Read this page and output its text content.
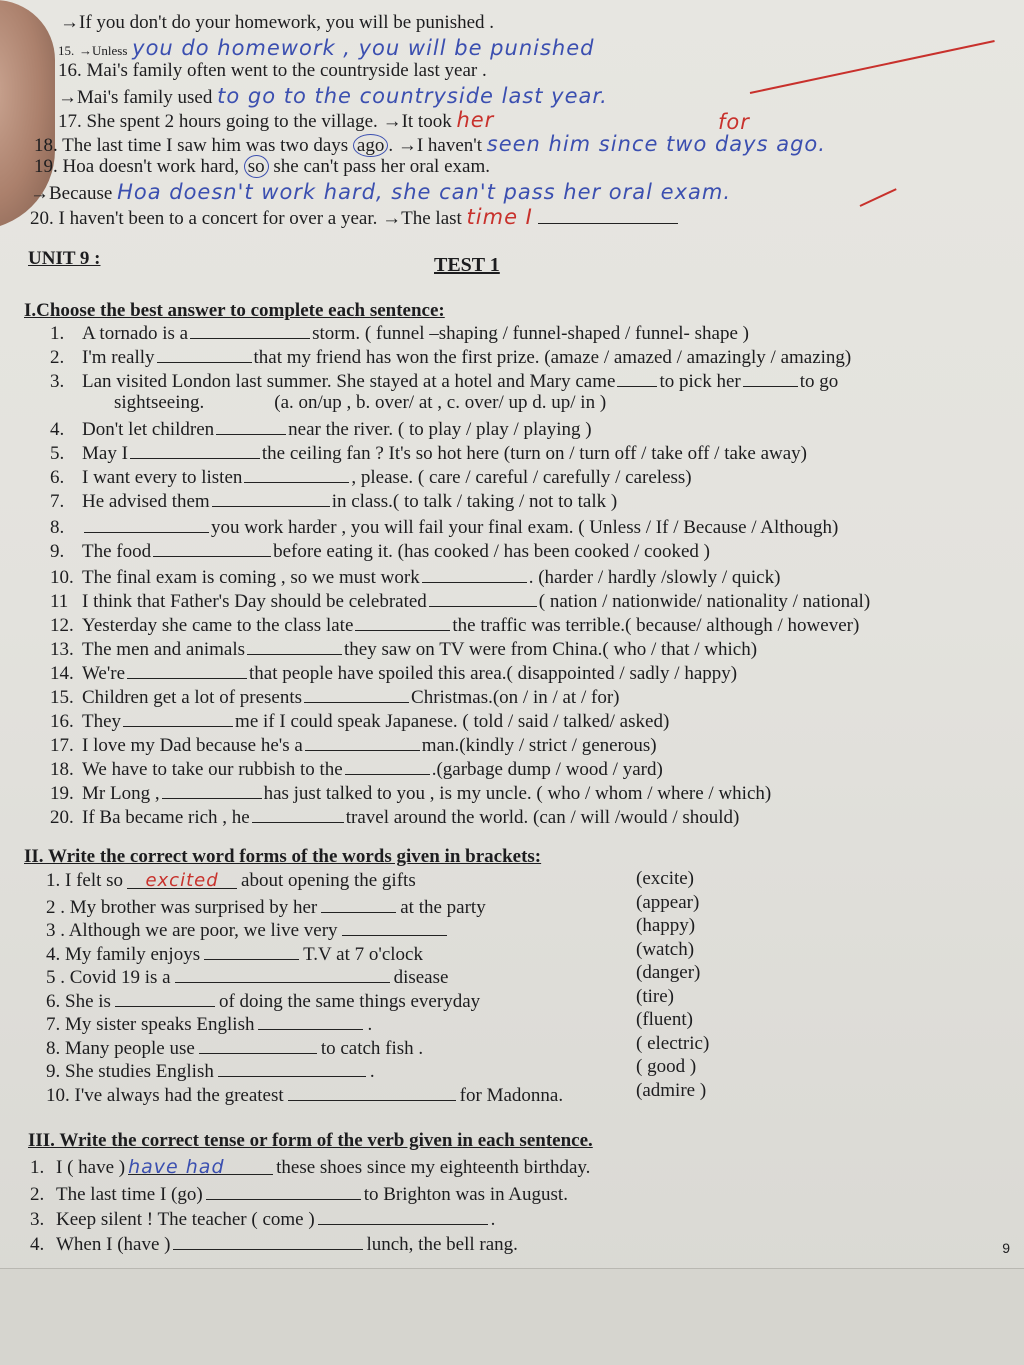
→If you don't do your homework, you will be punished .
15. →Unless you do homework , you will be punished
16. Mai's family often went to the countryside last year .
→Mai's family used to go to the countryside last year.
17. She spent 2 hours going to the village. →It took her	for
18. The last time I saw him was two days ago . →I haven't seen him since two days ago.
19. Hoa doesn't work hard, so she can't pass her oral exam.
→Because Hoa doesn't work hard, she can't pass her oral exam.
20. I haven't been to a concert for over a year. →The last time I
UNIT 9 :	TEST 1
I.Choose the best answer to complete each sentence:
1. A tornado is a	storm. ( funnel –shaping / funnel-shaped / funnel- shape )
2. I'm really	that my friend has won the first prize. (amaze / amazed / amazingly / amazing)
3. Lan visited London last summer. She stayed at a hotel and Mary came to pick her	to go
sightseeing.	(a. on/up , b. over/ at , c. over/ up d. up/ in )
4. Don't let children	near the river. ( to play / play / playing )
5. May I	the ceiling fan ? It's so hot here (turn on / turn off / take off / take away)
6. I want every to listen	, please. ( care / careful / carefully / careless)
7. He advised them	in class.( to talk / taking / not to talk )
8.	you work harder , you will fail your final exam. ( Unless / If / Because / Although)
9. The food	before eating it. (has cooked / has been cooked / cooked )
10. The final exam is coming , so we must work	. (harder / hardly /slowly / quick)
11 I think that Father's Day should be celebrated	( nation / nationwide/ nationality / national)
12. Yesterday she came to the class late	the traffic was terrible.( because/ although / however)
13. The men and animals	they saw on TV were from China.( who / that / which)
14. We're	that people have spoiled this area.( disappointed / sadly / happy)
15. Children get a lot of presents	Christmas.(on / in / at / for)
16. They	me if I could speak Japanese. ( told / said / talked/ asked)
17. I love my Dad because he's a	man.(kindly / strict / generous)
18. We have to take our rubbish to the	.(garbage dump / wood / yard)
19. Mr Long ,	has just talked to you , is my uncle. ( who / whom / where / which)
20. If Ba became rich , he	travel around the world. (can / will /would / should)
II. Write the correct word forms of the words given in brackets:
1. I felt so excited about opening the gifts	(excite)
2 . My brother was surprised by her	at the party	(appear)
3 . Although we are poor, we live very	(happy)
4. My family enjoys	T.V at 7 o'clock	(watch)
5 . Covid 19 is a	disease	(danger)
6. She is	of doing the same things everyday	(tire)
7. My sister speaks English	.	(fluent)
8. Many people use	to catch fish .	( electric)
9. She studies English	.	( good )
10. I've always had the greatest	for Madonna.	(admire )
III. Write the correct tense or form of the verb given in each sentence.
1. I ( have ) have had	these shoes since my eighteenth birthday.
2. The last time I (go)	to Brighton was in August.
3. Keep silent ! The teacher ( come )	.
4. When I (have )	lunch, the bell rang.	9
